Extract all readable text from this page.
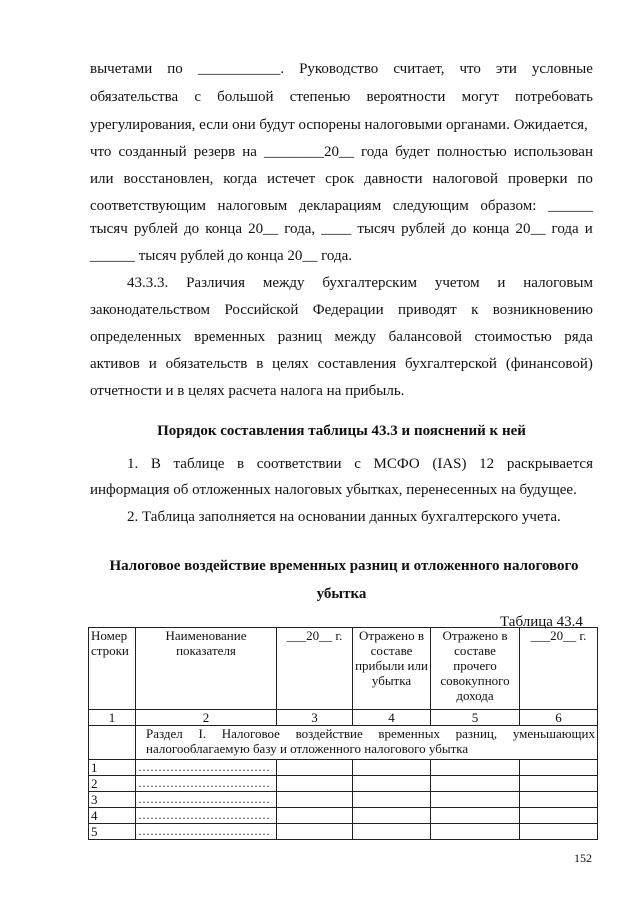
вычетами по ___________. Руководство считает, что эти условные
обязательства с большой степенью вероятности могут потребовать
урегулирования, если они будут оспорены налоговыми органами. Ожидается,
что созданный резерв на ________20__ года будет полностью использован
или восстановлен, когда истечет срок давности налоговой проверки по
соответствующим налоговым декларациям следующим образом: ______
тысяч рублей до конца 20__ года, ____ тысяч рублей до конца 20__ года и
______ тысяч рублей до конца 20__ года.
43.3.3. Различия между бухгалтерским учетом и налоговым
законодательством Российской Федерации приводят к возникновению
определенных временных разниц между балансовой стоимостью ряда
активов и обязательств в целях составления бухгалтерской (финансовой)
отчетности и в целях расчета налога на прибыль.
Порядок составления таблицы 43.3 и пояснений к ней
1. В таблице в соответствии с МСФО (IAS) 12 раскрывается
информация об отложенных налоговых убытках, перенесенных на будущее.
2. Таблица заполняется на основании данных бухгалтерского учета.
Налоговое воздействие временных разниц и отложенного налогового
убытка
Таблица 43.4
Номер строки	Наименование показателя	___20__ г.	Отражено в составе прибыли или убытка	Отражено в составе прочего совокупного дохода	___20__ г.
1	2	3	4	5	6
	Раздел I. Налоговое воздействие временных разниц, уменьшающих налогооблагаемую базу и отложенного налогового убытка				
1	……………………………				
2	……………………………				
3	……………………………				
4	……………………………				
5	……………………………				
152
